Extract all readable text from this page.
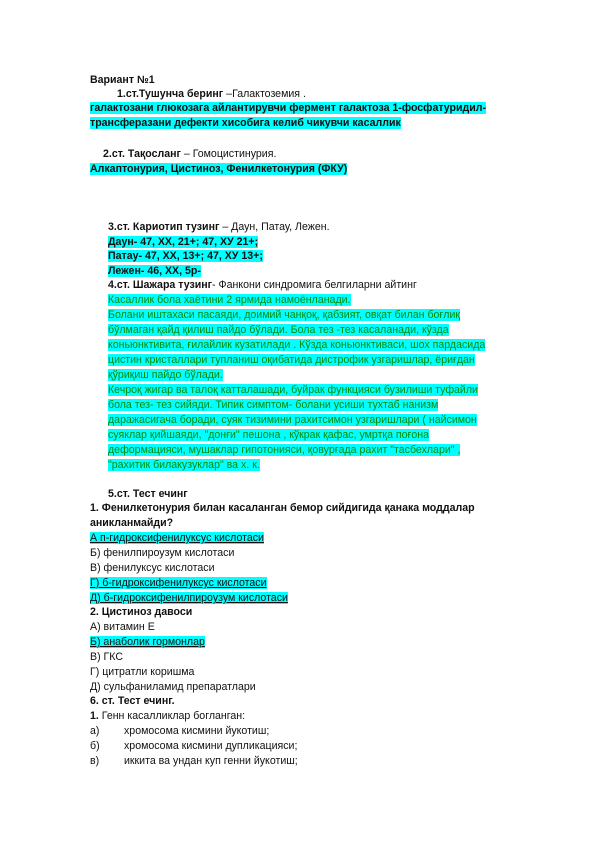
Вариант №1
1.ст.Тушунча беринг –Галактоземия .
галактозани глюкозага айлантирувчи фермент галактоза 1-фосфатуридил-
трансферазани дефекти хисобига келиб чикувчи касаллик
2.ст. Тақосланг – Гомоцистинурия.
Алкаптонурия, Цистиноз, Фенилкетонурия (ФКУ)
3.ст. Кариотип тузинг – Даун, Патау, Лежен.
Даун- 47, ХХ, 21+; 47, ХУ 21+;
Патау- 47, ХХ, 13+; 47, ХУ 13+;
Лежен- 46, ХХ, 5р-
4.ст. Шажара тузинг- Фанкони синдромига белгиларни айтинг
Касаллик бола хаётини 2 ярмида намоёнланади.
Болани иштахаси пасаяди, доимий чанқоқ, қабзият, овқат билан боғлиқ
бўлмаган қайд қилиш пайдо бўлади. Бола тез -тез касаланади, кўзда
коньюнктивита, ғилайлик кузатилади . Кўзда коньюнктиваси, шох пардасида
цистин кристаллари тупланиш оқибатида дистрофик узгаришлар, ёриғдан
қўриқиш пайдо бўлади.
Кечроқ жигар ва талоқ катталашади, буйрак функцияси бузилиши туфайли
бола тез- тез сийяди. Типик симптом- болани усиши тухтаб нанизм
даражасигача боради, суяк тизимини рахитсимон узгаришлари ( найсимон
суяклар қийшаяди, "донғи" пешона , кўкрак қафас, умртқа поғона
деформацияси, мушаклар гипотонияси, қовурғада рахит "тасбехлари" ,
"рахитик билакузуклар" ва х. к.
5.ст. Тест ечинг
1. Фенилкетонурия билан касаланган бемор сийдигида қанака моддалар
аникланмайди?
А п-гидроксифенилуксус кислотаси
Б) фенилпироузум кислотаси
В) фенилуксус кислотаси
Г) б-гидроксифенилуксус кислотаси
Д) б-гидроксифенилпироузум кислотаси
2. Цистиноз давоси
А) витамин Е
Б) анаболик гормонлар
В) ГКС
Г) цитратли коришма
Д) сульфаниламид препаратлари
6. ст. Тест ечинг.
1. Генн касалликлар богланган:
а) хромосома кисмини йукотиш;
б) хромосома кисмини дупликацияси;
в) иккита ва ундан куп генни йукотиш;
